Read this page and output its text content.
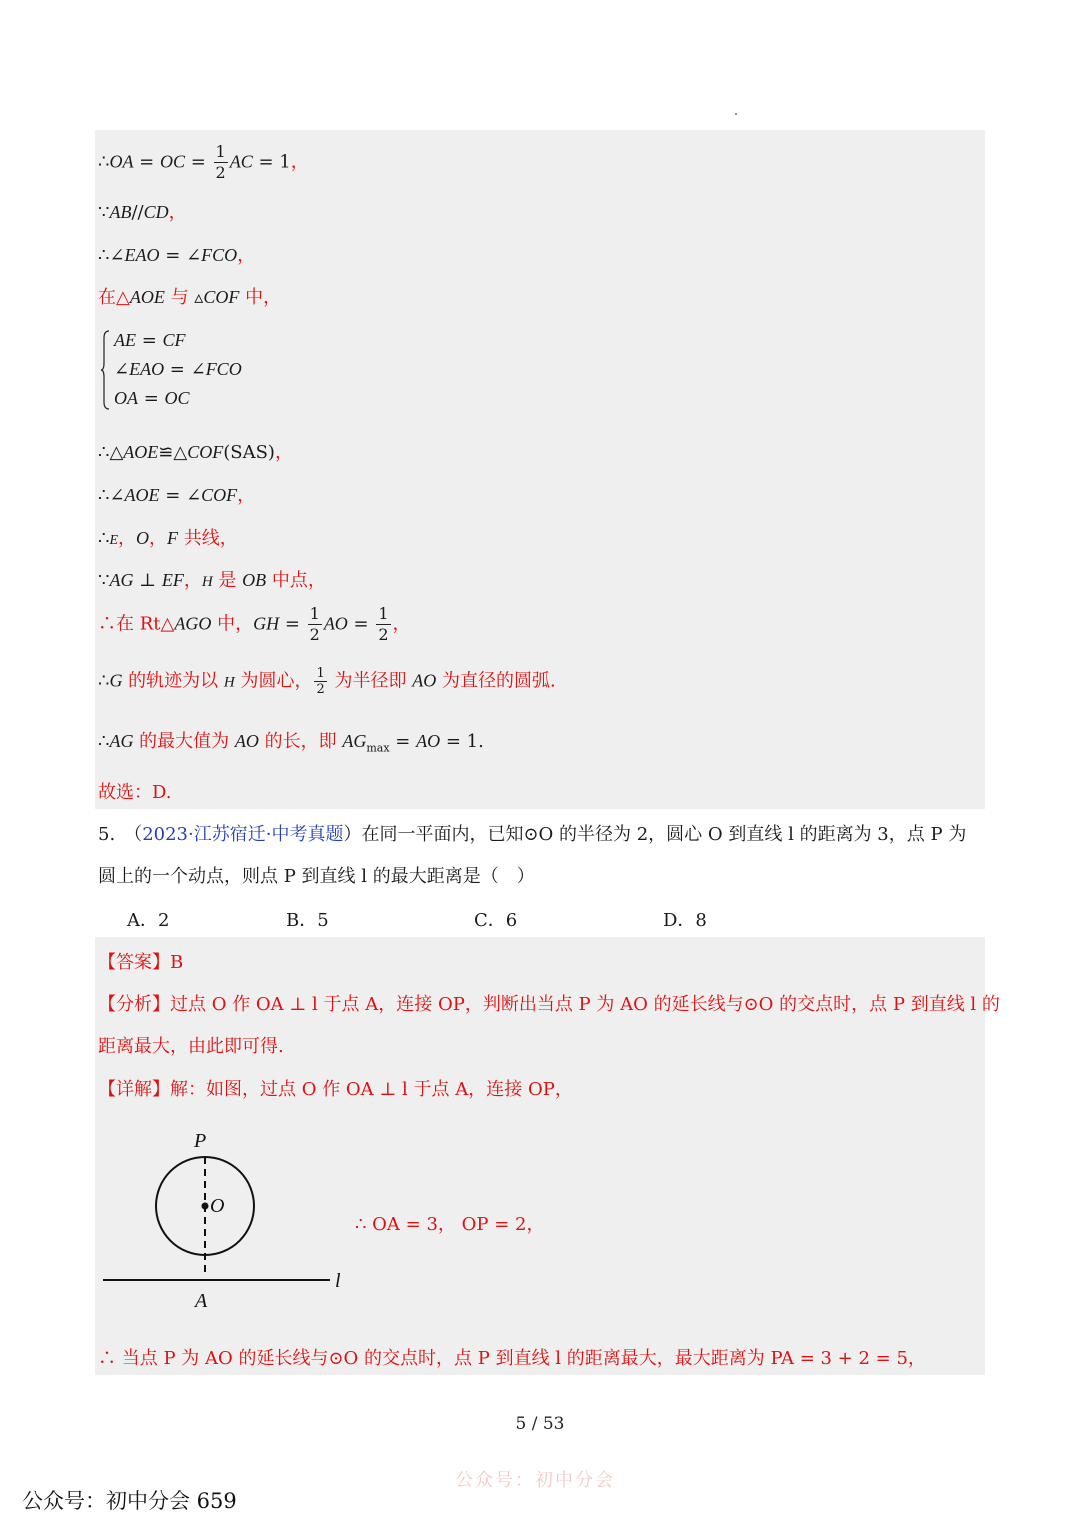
∴OA = OC = $\frac{1}{2}$ AC = 1，
∵AB//CD，
∴∠EAO = ∠FCO，
在△AOE 与 ▵COF 中，
AE = CF
∠EAO = ∠FCO
OA = OC
∴△AOE≌△COF(SAS)，
∴∠AOE = ∠COF，
∴E，O，F 共线，
∵AG ⊥ EF，H 是 OB 中点，
∴在 Rt△AGO 中，GH = $\frac{1}{2}$ AO = $\frac{1}{2}$ ，
∴G 的轨迹为以 H 为圆心， $\frac{1}{2}$ 为半径即 AO 为直径的圆弧.
∴AG 的最大值为 AO 的长，即 $AG_{max}$ = AO = 1.
故选：D.
5.　（2023·江苏宿迁·中考真题）在同一平面内，已知⊙O 的半径为 2，圆心 O 到直线 l 的距离为 3，点 P 为
圆上的一个动点，则点 P 到直线 l 的最大距离是（　）
A．2	B．5	C．6	D．8
【答案】B
【分析】过点 O 作 OA ⊥ l 于点 A，连接 OP，判断出当点 P 为 AO 的延长线与⊙O 的交点时，点 P 到直线 l 的
距离最大，由此即可得.
【详解】解：如图，过点 O 作 OA ⊥ l 于点 A，连接 OP，
P
O
A
l
∴ OA = 3， OP = 2，
∴ 当点 P 为 AO 的延长线与⊙O 的交点时，点 P 到直线 l 的距离最大，最大距离为 PA = 3 + 2 = 5，
5 / 53
公众号：初中分会
公众号：初中分会 659
